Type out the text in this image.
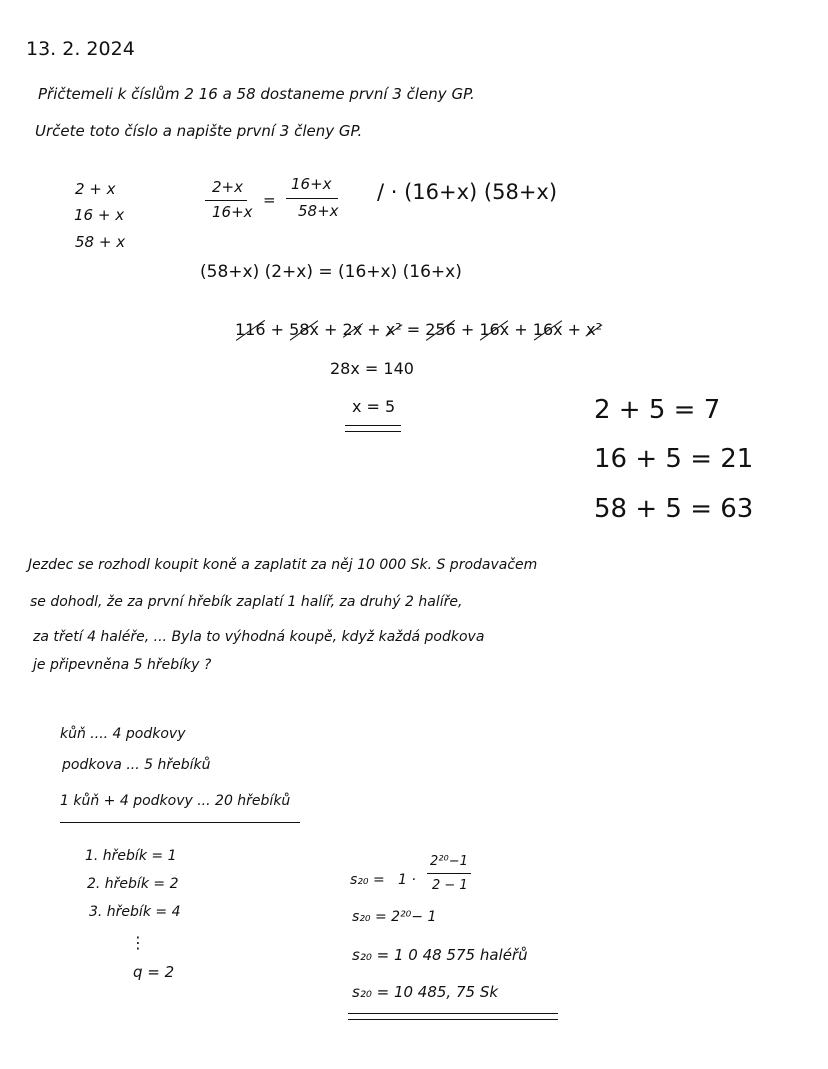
13. 2. 2024
Přičtemeli k číslům 2 16 a 58 dostaneme první 3 členy GP.
Určete toto číslo a napište první 3 členy GP.
2 + x
16 + x
58 + x
2+x
16+x
=
16+x
58+x
/ · (16+x) (58+x)
(58+x) (2+x) = (16+x) (16+x)
116 + 58x + 2x + x² = 256 + 16x + 16x + x²
28x = 140
x = 5	2 + 5 = 7
16 + 5 = 21
58 + 5 = 63
Jezdec se rozhodl koupit koně a zaplatit za něj 10 000 Sk. S prodavačem
se dohodl, že za první hřebík zaplatí 1 halíř, za druhý 2 halíře,
za třetí 4 haléře, ... Byla to výhodná koupě, když každá podkova
je připevněna 5 hřebíky ?
kůň .... 4 podkovy
podkova ... 5 hřebíků
1 kůň + 4 podkovy ... 20 hřebíků
1. hřebík = 1
2. hřebík = 2
3. hřebík = 4
⋮
q = 2
s₂₀ = 1 ·
2²⁰−1
2 − 1
s₂₀ = 2²⁰− 1
s₂₀ = 1 0 48 575 haléřů
s₂₀ = 10 485, 75 Sk
